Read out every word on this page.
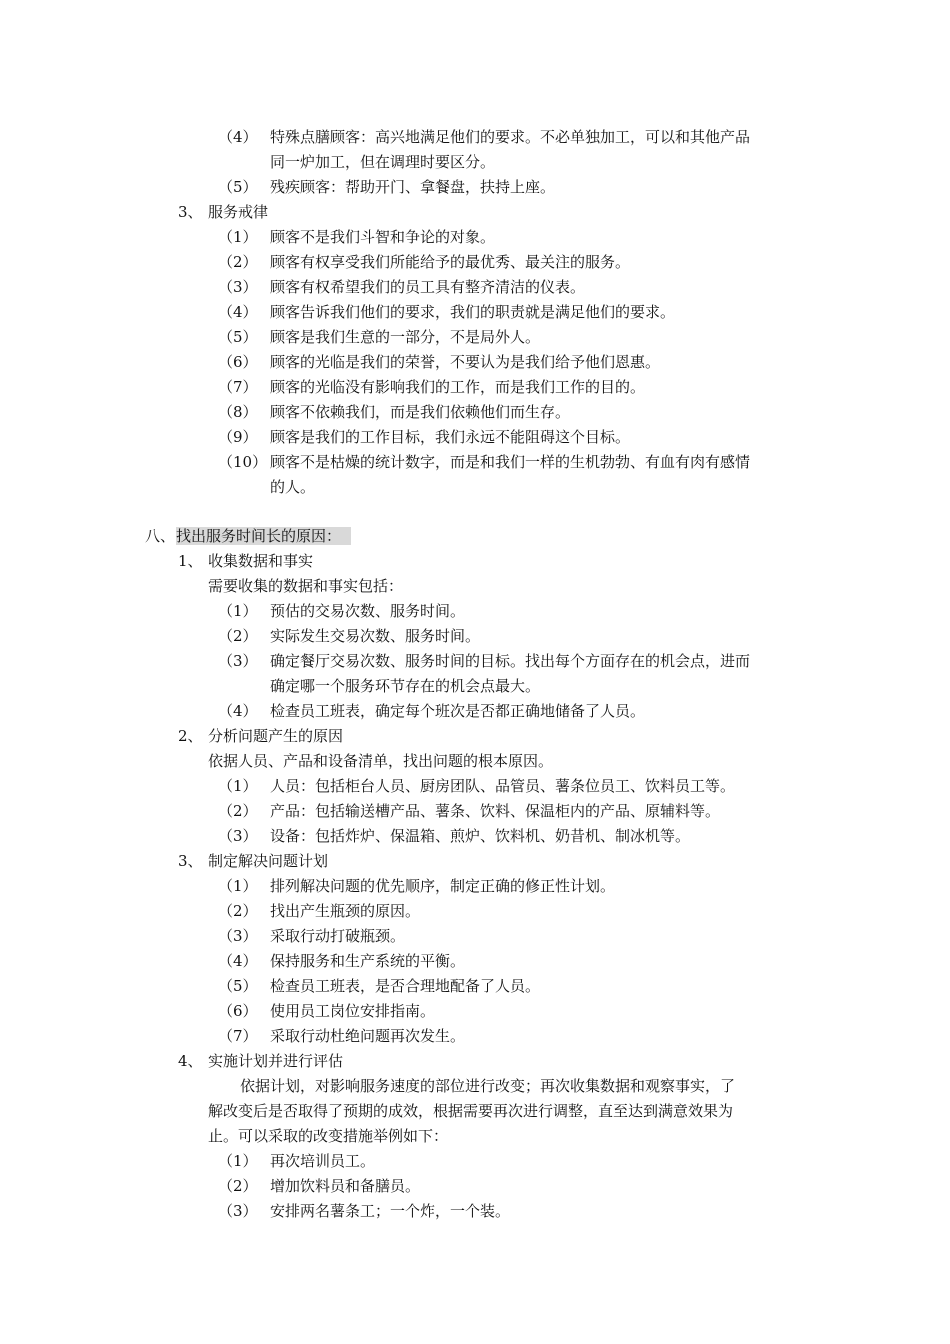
（4） 特殊点膳顾客：高兴地满足他们的要求。不必单独加工，可以和其他产品
同一炉加工，但在调理时要区分。
（5） 残疾顾客：帮助开门、拿餐盘，扶持上座。
3、 服务戒律
（1） 顾客不是我们斗智和争论的对象。
（2） 顾客有权享受我们所能给予的最优秀、最关注的服务。
（3） 顾客有权希望我们的员工具有整齐清洁的仪表。
（4） 顾客告诉我们他们的要求，我们的职责就是满足他们的要求。
（5） 顾客是我们生意的一部分，不是局外人。
（6） 顾客的光临是我们的荣誉，不要认为是我们给予他们恩惠。
（7） 顾客的光临没有影响我们的工作，而是我们工作的目的。
（8） 顾客不依赖我们，而是我们依赖他们而生存。
（9） 顾客是我们的工作目标，我们永远不能阻碍这个目标。
（10） 顾客不是枯燥的统计数字，而是和我们一样的生机勃勃、有血有肉有感情
的人。
八、 找出服务时间长的原因：
1、 收集数据和事实
需要收集的数据和事实包括：
（1） 预估的交易次数、服务时间。
（2） 实际发生交易次数、服务时间。
（3） 确定餐厅交易次数、服务时间的目标。找出每个方面存在的机会点，进而
确定哪一个服务环节存在的机会点最大。
（4） 检查员工班表，确定每个班次是否都正确地储备了人员。
2、 分析问题产生的原因
依据人员、产品和设备清单，找出问题的根本原因。
（1） 人员：包括柜台人员、厨房团队、品管员、薯条位员工、饮料员工等。
（2） 产品：包括输送槽产品、薯条、饮料、保温柜内的产品、原辅料等。
（3） 设备：包括炸炉、保温箱、煎炉、饮料机、奶昔机、制冰机等。
3、 制定解决问题计划
（1） 排列解决问题的优先顺序，制定正确的修正性计划。
（2） 找出产生瓶颈的原因。
（3） 采取行动打破瓶颈。
（4） 保持服务和生产系统的平衡。
（5） 检查员工班表，是否合理地配备了人员。
（6） 使用员工岗位安排指南。
（7） 采取行动杜绝问题再次发生。
4、 实施计划并进行评估
依据计划，对影响服务速度的部位进行改变；再次收集数据和观察事实，了
解改变后是否取得了预期的成效，根据需要再次进行调整，直至达到满意效果为
止。可以采取的改变措施举例如下：
（1） 再次培训员工。
（2） 增加饮料员和备膳员。
（3） 安排两名薯条工；一个炸，一个装。
